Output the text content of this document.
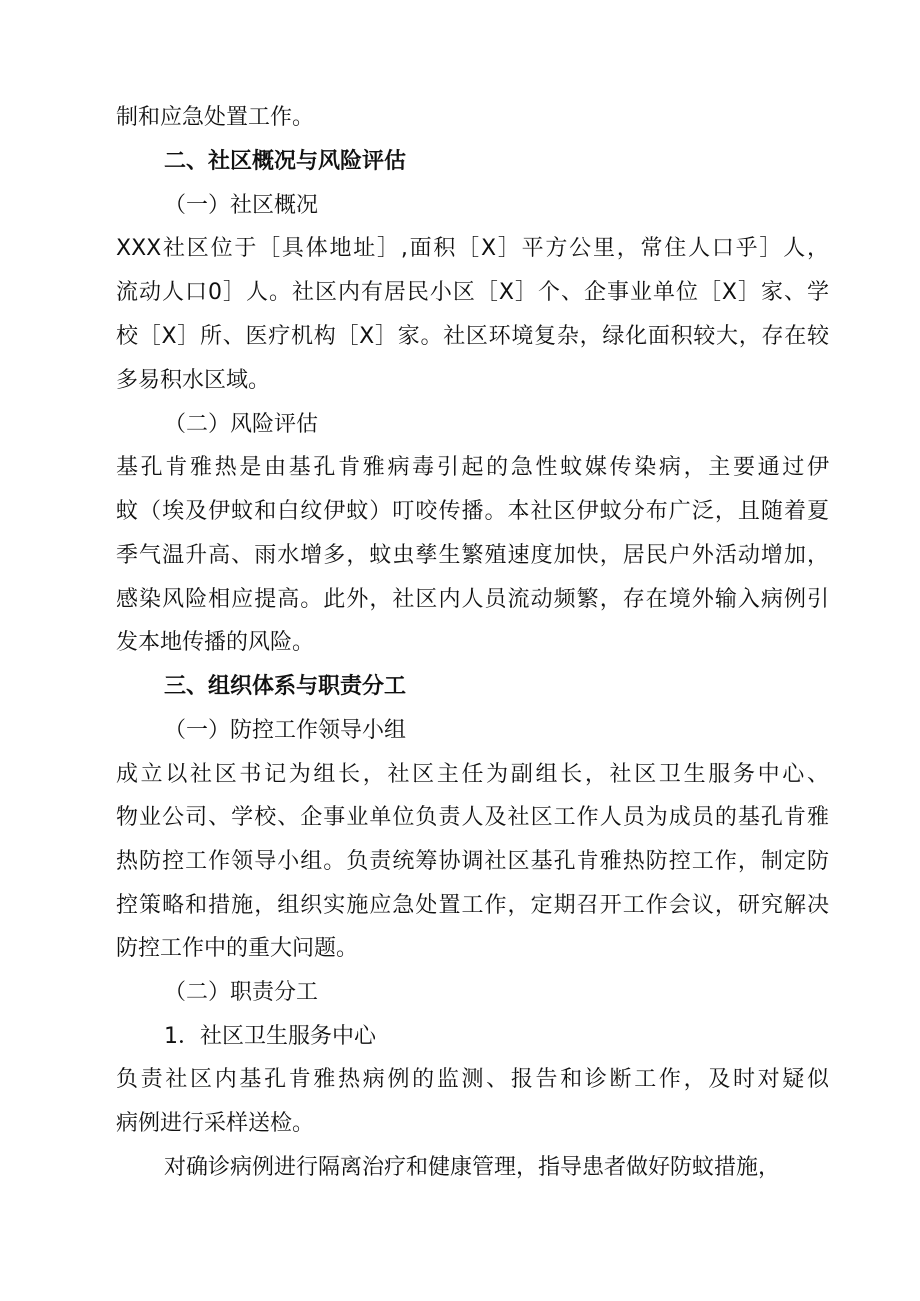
制和应急处置工作。
二、社区概况与风险评估
（一）社区概况
XXX社区位于［具体地址］,面积［X］平方公里，常住人口乎］人，
流动人口0］人。社区内有居民小区［X］个、企事业单位［X］家、学
校［X］所、医疗机构［X］家。社区环境复杂，绿化面积较大，存在较
多易积水区域。
（二）风险评估
基孔肯雅热是由基孔肯雅病毒引起的急性蚊媒传染病，主要通过伊
蚊（埃及伊蚊和白纹伊蚊）叮咬传播。本社区伊蚊分布广泛，且随着夏
季气温升高、雨水增多，蚊虫孳生繁殖速度加快，居民户外活动增加，
感染风险相应提高。此外，社区内人员流动频繁，存在境外输入病例引
发本地传播的风险。
三、组织体系与职责分工
（一）防控工作领导小组
成立以社区书记为组长，社区主任为副组长，社区卫生服务中心、
物业公司、学校、企事业单位负责人及社区工作人员为成员的基孔肯雅
热防控工作领导小组。负责统筹协调社区基孔肯雅热防控工作，制定防
控策略和措施，组织实施应急处置工作，定期召开工作会议，研究解决
防控工作中的重大问题。
（二）职责分工
1．社区卫生服务中心
负责社区内基孔肯雅热病例的监测、报告和诊断工作，及时对疑似
病例进行采样送检。
对确诊病例进行隔离治疗和健康管理，指导患者做好防蚊措施，
